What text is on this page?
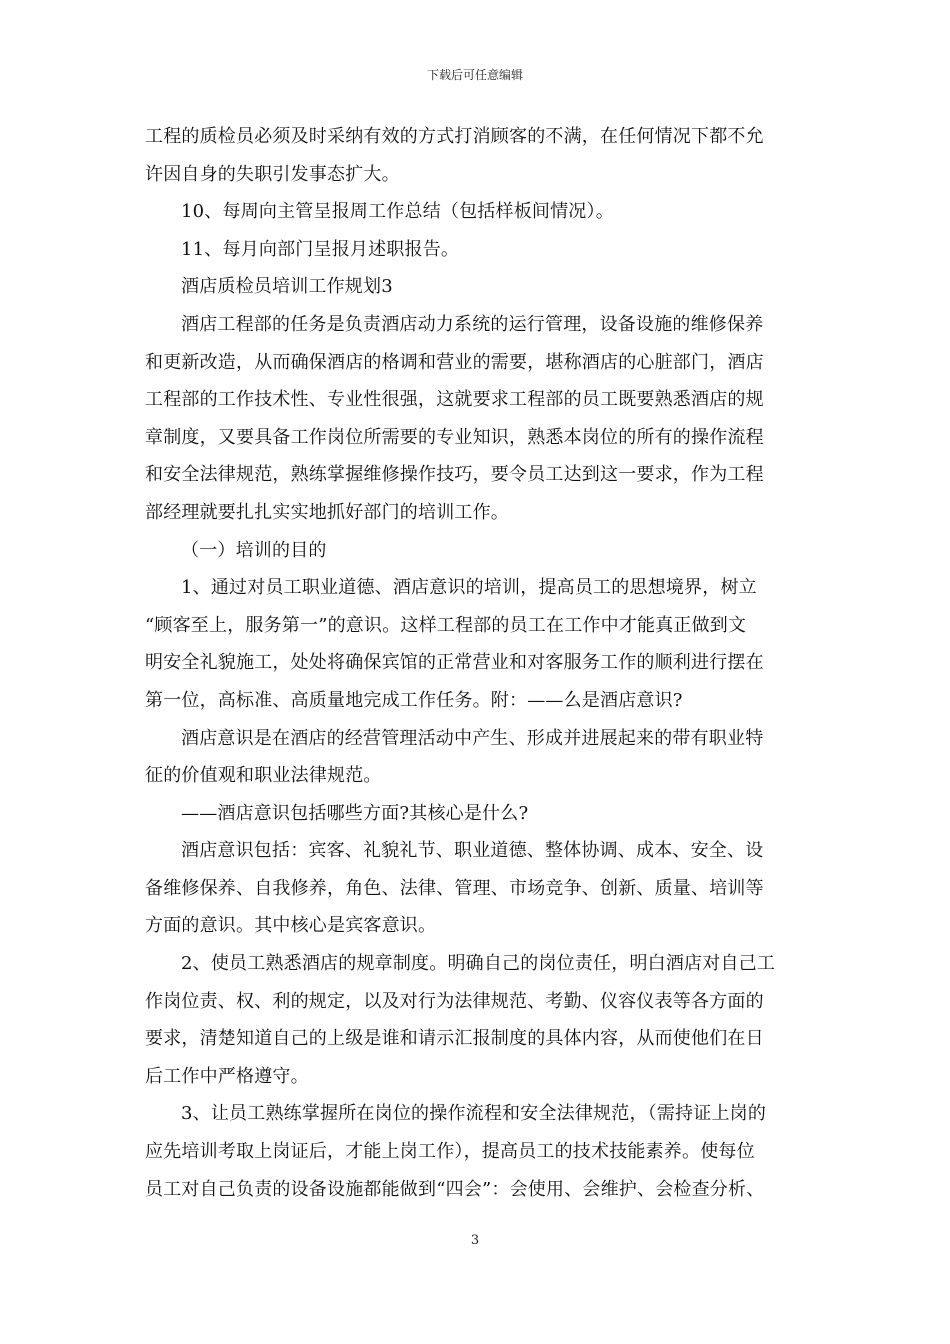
下载后可任意编辑
工程的质检员必须及时采纳有效的方式打消顾客的不满，在任何情况下都不允
许因自身的失职引发事态扩大。
10、每周向主管呈报周工作总结（包括样板间情况）。
11、每月向部门呈报月述职报告。
酒店质检员培训工作规划3
酒店工程部的任务是负责酒店动力系统的运行管理，设备设施的维修保养
和更新改造，从而确保酒店的格调和营业的需要，堪称酒店的心脏部门，酒店
工程部的工作技术性、专业性很强，这就要求工程部的员工既要熟悉酒店的规
章制度，又要具备工作岗位所需要的专业知识，熟悉本岗位的所有的操作流程
和安全法律规范，熟练掌握维修操作技巧，要令员工达到这一要求，作为工程
部经理就要扎扎实实地抓好部门的培训工作。
（一）培训的目的
1、通过对员工职业道德、酒店意识的培训，提高员工的思想境界，树立
“顾客至上，服务第一”的意识。这样工程部的员工在工作中才能真正做到文
明安全礼貌施工，处处将确保宾馆的正常营业和对客服务工作的顺利进行摆在
第一位，高标准、高质量地完成工作任务。附：——么是酒店意识?
酒店意识是在酒店的经营管理活动中产生、形成并进展起来的带有职业特
征的价值观和职业法律规范。
——酒店意识包括哪些方面?其核心是什么?
酒店意识包括：宾客、礼貌礼节、职业道德、整体协调、成本、安全、设
备维修保养、自我修养，角色、法律、管理、市场竞争、创新、质量、培训等
方面的意识。其中核心是宾客意识。
2、使员工熟悉酒店的规章制度。明确自己的岗位责任，明白酒店对自己工
作岗位责、权、利的规定，以及对行为法律规范、考勤、仪容仪表等各方面的
要求，清楚知道自己的上级是谁和请示汇报制度的具体内容，从而使他们在日
后工作中严格遵守。
3、让员工熟练掌握所在岗位的操作流程和安全法律规范，（需持证上岗的
应先培训考取上岗证后，才能上岗工作），提高员工的技术技能素养。使每位
员工对自己负责的设备设施都能做到“四会”：会使用、会维护、会检查分析、
3
